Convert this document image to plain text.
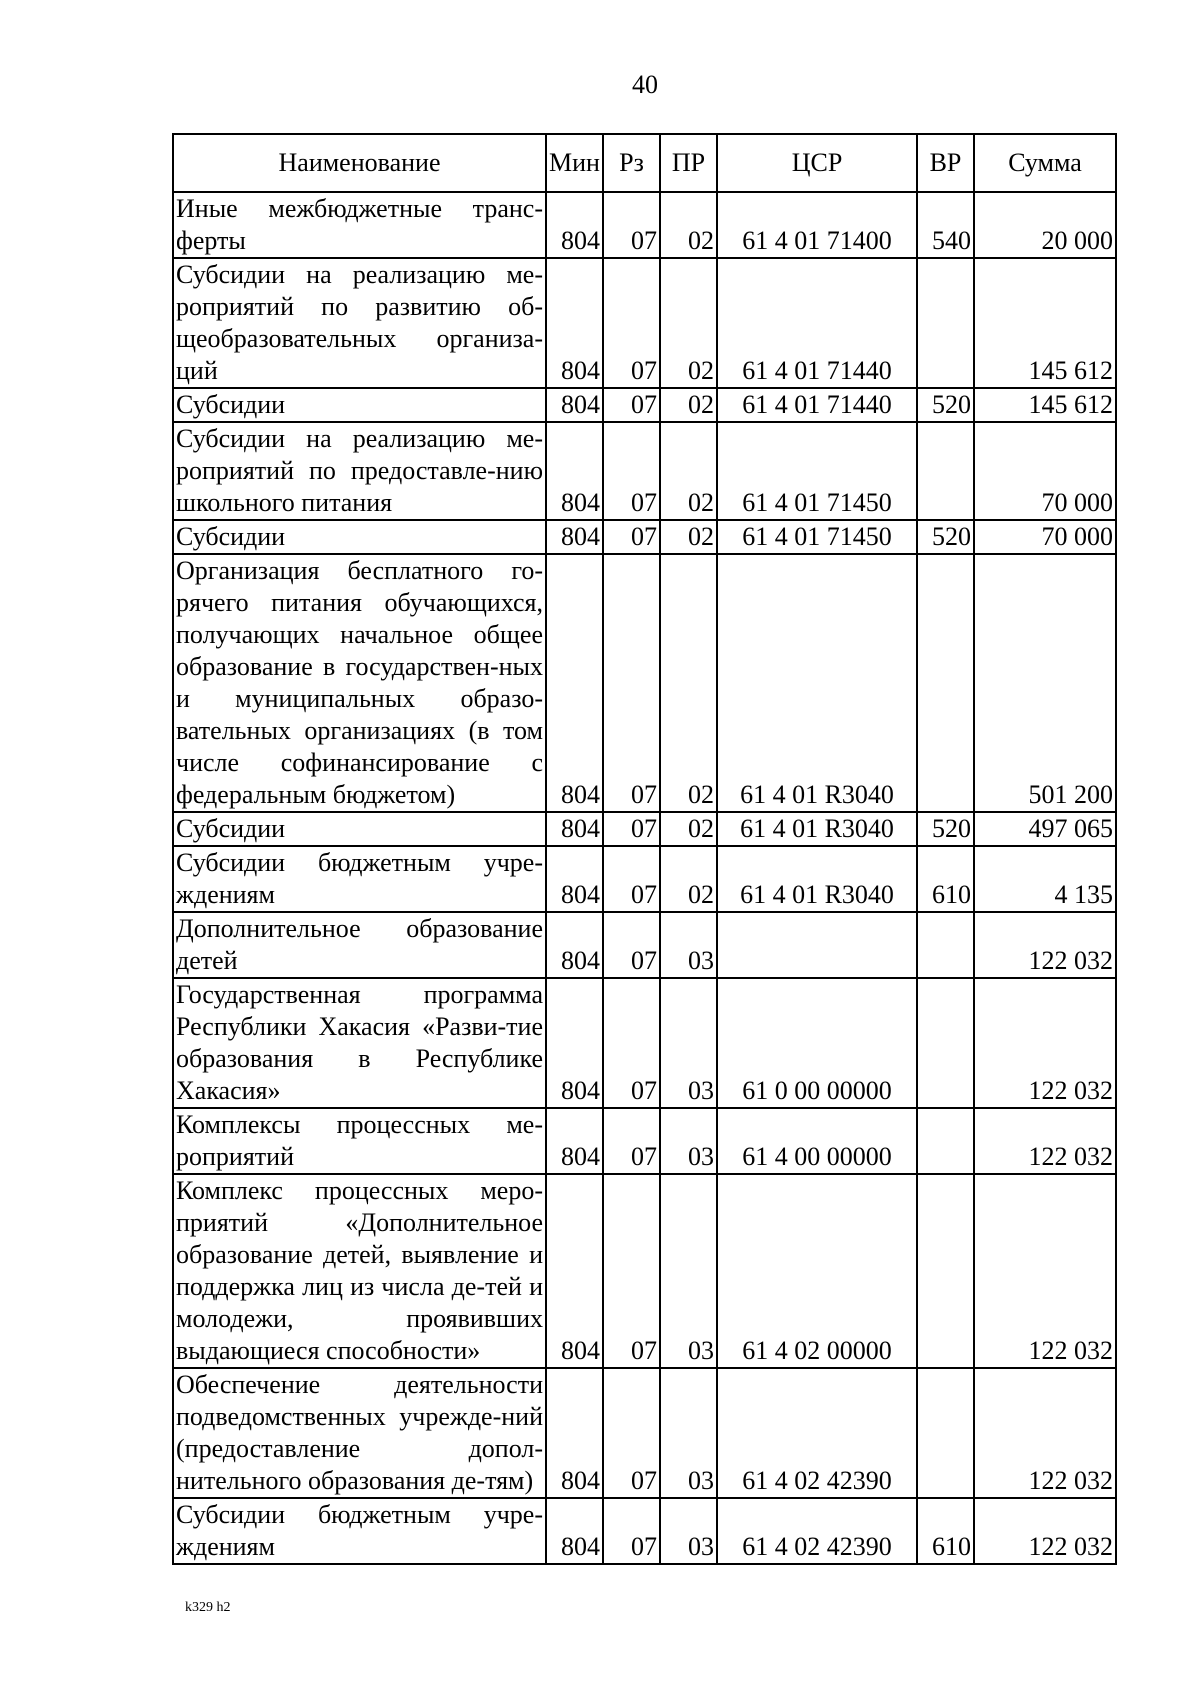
40
Наименование	Мин	Рз	ПР	ЦСР	ВР	Сумма
Иные межбюджетные транс-ферты	804	07	02	61 4 01 71400	540	20 000
Субсидии на реализацию ме-роприятий по развитию об-щеобразовательных организа-ций	804	07	02	61 4 01 71440		145 612
Субсидии	804	07	02	61 4 01 71440	520	145 612
Субсидии на реализацию ме-роприятий по предоставле-нию школьного питания	804	07	02	61 4 01 71450		70 000
Субсидии	804	07	02	61 4 01 71450	520	70 000
Организация бесплатного го-рячего питания обучающихся, получающих начальное общее образование в государствен-ных и муниципальных образо-вательных организациях (в том числе софинансирование с федеральным бюджетом)	804	07	02	61 4 01 R3040		501 200
Субсидии	804	07	02	61 4 01 R3040	520	497 065
Субсидии бюджетным учре-ждениям	804	07	02	61 4 01 R3040	610	4 135
Дополнительное образование детей	804	07	03			122 032
Государственная программа Республики Хакасия «Разви-тие образования в Республике Хакасия»	804	07	03	61 0 00 00000		122 032
Комплексы процессных ме-роприятий	804	07	03	61 4 00 00000		122 032
Комплекс процессных меро-приятий «Дополнительное образование детей, выявление и поддержка лиц из числа де-тей и молодежи, проявивших выдающиеся способности»	804	07	03	61 4 02 00000		122 032
Обеспечение деятельности подведомственных учрежде-ний (предоставление допол-нительного образования де-тям)	804	07	03	61 4 02 42390		122 032
Субсидии бюджетным учре-ждениям	804	07	03	61 4 02 42390	610	122 032
k329 h2
